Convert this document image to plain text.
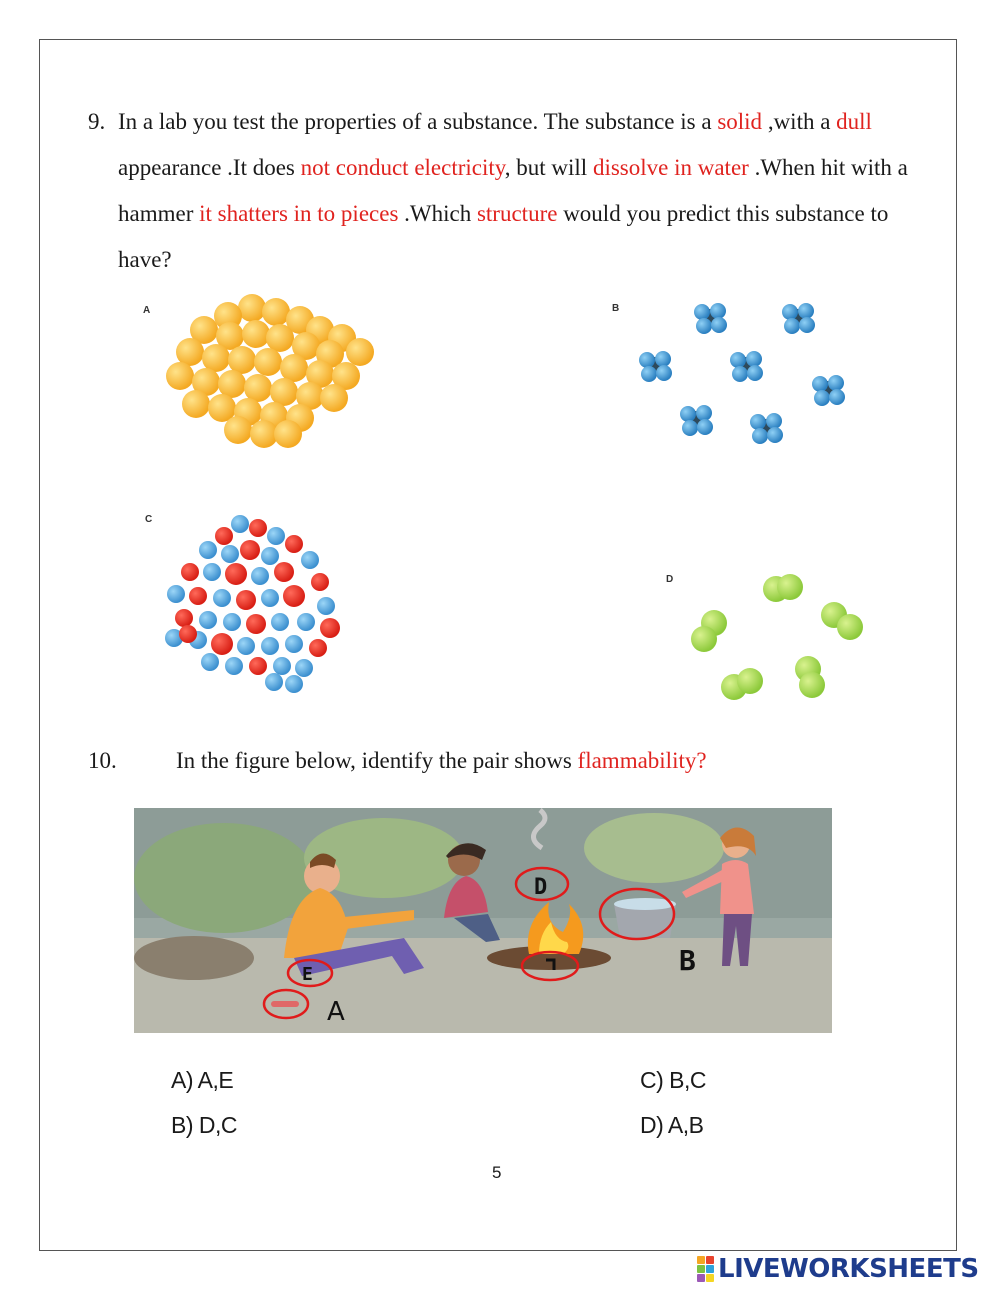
9. In a lab you test the properties of a substance. The substance is a solid ,with a dull appearance .It does not conduct electricity, but will dissolve in water .When hit with a hammer it shatters in to pieces .Which structure would you predict this substance to have?
A	B
C
D
10.	In the figure below, identify the pair shows flammability?
D
B
E
A
A) A,E
B) D,C
C) B,C
D) A,B
5
LIVEWORKSHEETS
